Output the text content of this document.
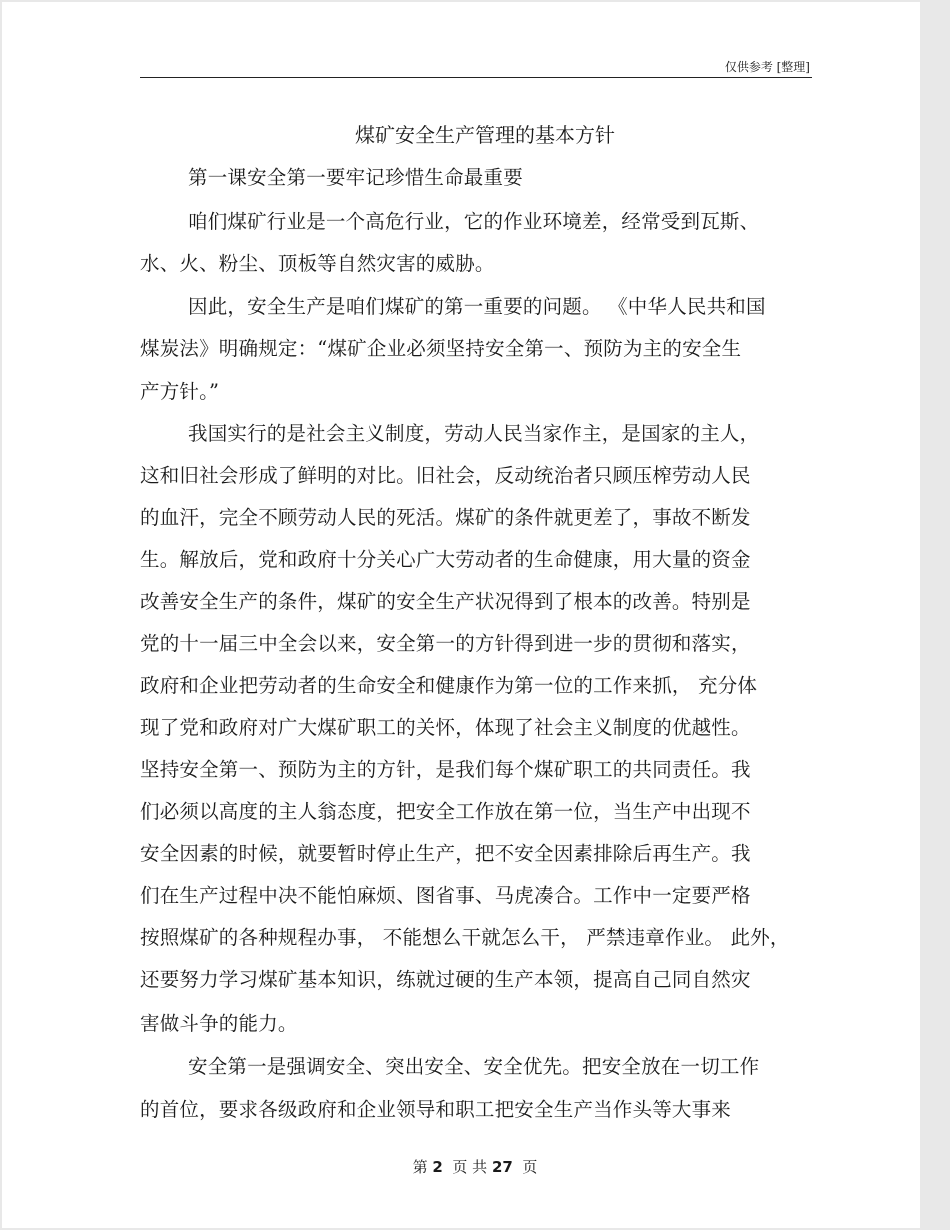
仅供参考 [整理]
煤矿安全生产管理的基本方针
第一课安全第一要牢记珍惜生命最重要
咱们煤矿行业是一个高危行业，它的作业环境差，经常受到瓦斯、
水、火、粉尘、顶板等自然灾害的威胁。
因此，安全生产是咱们煤矿的第一重要的问题。 《中华人民共和国
煤炭法》明确规定：“煤矿企业必须坚持安全第一、预防为主的安全生
产方针。”
我国实行的是社会主义制度，劳动人民当家作主，是国家的主人，
这和旧社会形成了鲜明的对比。旧社会，反动统治者只顾压榨劳动人民
的血汗，完全不顾劳动人民的死活。煤矿的条件就更差了，事故不断发
生。解放后，党和政府十分关心广大劳动者的生命健康，用大量的资金
改善安全生产的条件，煤矿的安全生产状况得到了根本的改善。特别是
党的十一届三中全会以来，安全第一的方针得到进一步的贯彻和落实，
政府和企业把劳动者的生命安全和健康作为第一位的工作来抓， 充分体
现了党和政府对广大煤矿职工的关怀，体现了社会主义制度的优越性。
坚持安全第一、预防为主的方针，是我们每个煤矿职工的共同责任。我
们必须以高度的主人翁态度，把安全工作放在第一位，当生产中出现不
安全因素的时候，就要暂时停止生产，把不安全因素排除后再生产。我
们在生产过程中决不能怕麻烦、图省事、马虎凑合。工作中一定要严格
按照煤矿的各种规程办事， 不能想么干就怎么干， 严禁违章作业。 此外，
还要努力学习煤矿基本知识，练就过硬的生产本领，提高自己同自然灾
害做斗争的能力。
安全第一是强调安全、突出安全、安全优先。把安全放在一切工作
的首位，要求各级政府和企业领导和职工把安全生产当作头等大事来
第 2 页 共 27 页
